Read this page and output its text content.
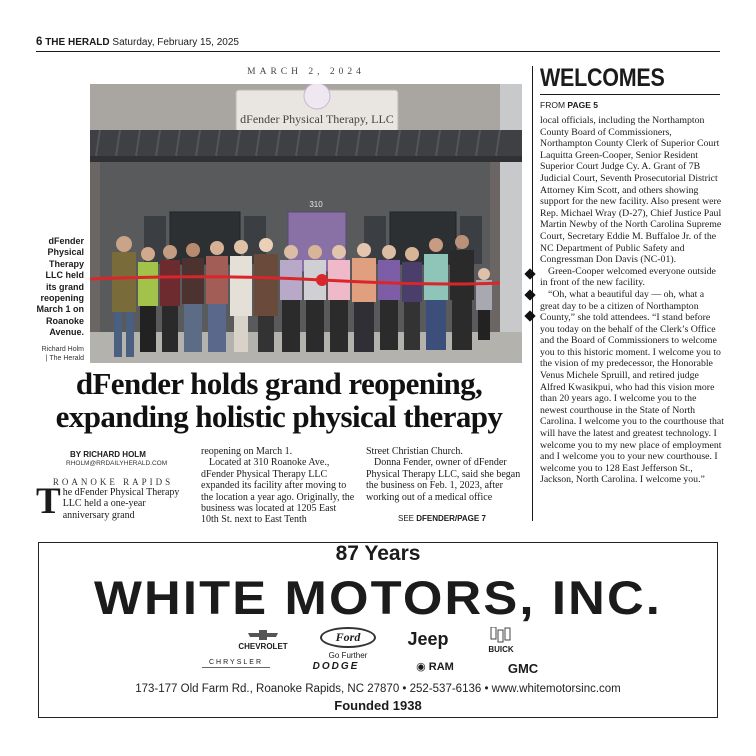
6 THE HERALD Saturday, February 15, 2025
MARCH 2, 2024
dFender Physical Therapy, LLC
310
dFender Physical Therapy LLC held its grand reopening March 1 on Roanoke Avenue.
Richard Holm
| The Herald
dFender holds grand reopening, expanding holistic physical therapy
BY RICHARD HOLM
RHOLM@RRDAILYHERALD.COM
ROANOKE RAPIDS
T he dFender Physical Therapy LLC held a one-year anniversary grand

reopening on March 1.

Located at 310 Roanoke Ave., dFender Physical Therapy LLC expanded its facility after moving to the location a year ago. Originally, the business was located at 1205 East 10th St. next to East Tenth

Street Christian Church.

Donna Fender, owner of dFender Physical Therapy LLC, said she began the business on Feb. 1, 2023, after working out of a medical office

SEE DFENDER/PAGE 7
WELCOMES
FROM PAGE 5

local officials, including the Northampton County Board of Commissioners, Northampton County Clerk of Superior Court Laquitta Green-Cooper, Senior Resident Superior Court Judge Cy. A. Grant of 7B Judicial Court, Seventh Prosecutorial District Attorney Kim Scott, and others showing support for the new facility. Also present were Rep. Michael Wray (D-27), Chief Justice Paul Martin Newby of the North Carolina Supreme Court, Secretary Eddie M. Buffaloe Jr. of the NC Department of Public Safety and Congressman Don Davis (NC-01).

Green-Cooper welcomed everyone outside in front of the new facility.

“Oh, what a beautiful day — oh, what a great day to be a citizen of Northampton County,” she told attendees. “I stand before you today on the behalf of the Clerk’s Office and the Board of Commissioners to welcome you to this historic moment. I welcome you to the vision of my predecessor, the Honorable Venus Michele Spruill, and retired judge Alfred Kwasikpui, who had this vision more than 20 years ago. I welcome you to the newest courthouse in the State of North Carolina. I welcome you to the courthouse that will have the latest and greatest technology. I welcome you to my new place of employment and I welcome you to your new courthouse. I welcome you to 128 East Jefferson St., Jackson, North Carolina. I welcome you.”

87 Years
WHITE MOTORS, INC.
CHEVROLET
Ford
Go Further
Jeep
BUICK
CHRYSLER	DODGE	◉ RAM	GMC
173-177 Old Farm Rd., Roanoke Rapids, NC 27870 • 252-537-6136 • www.whitemotorsinc.com
Founded 1938
